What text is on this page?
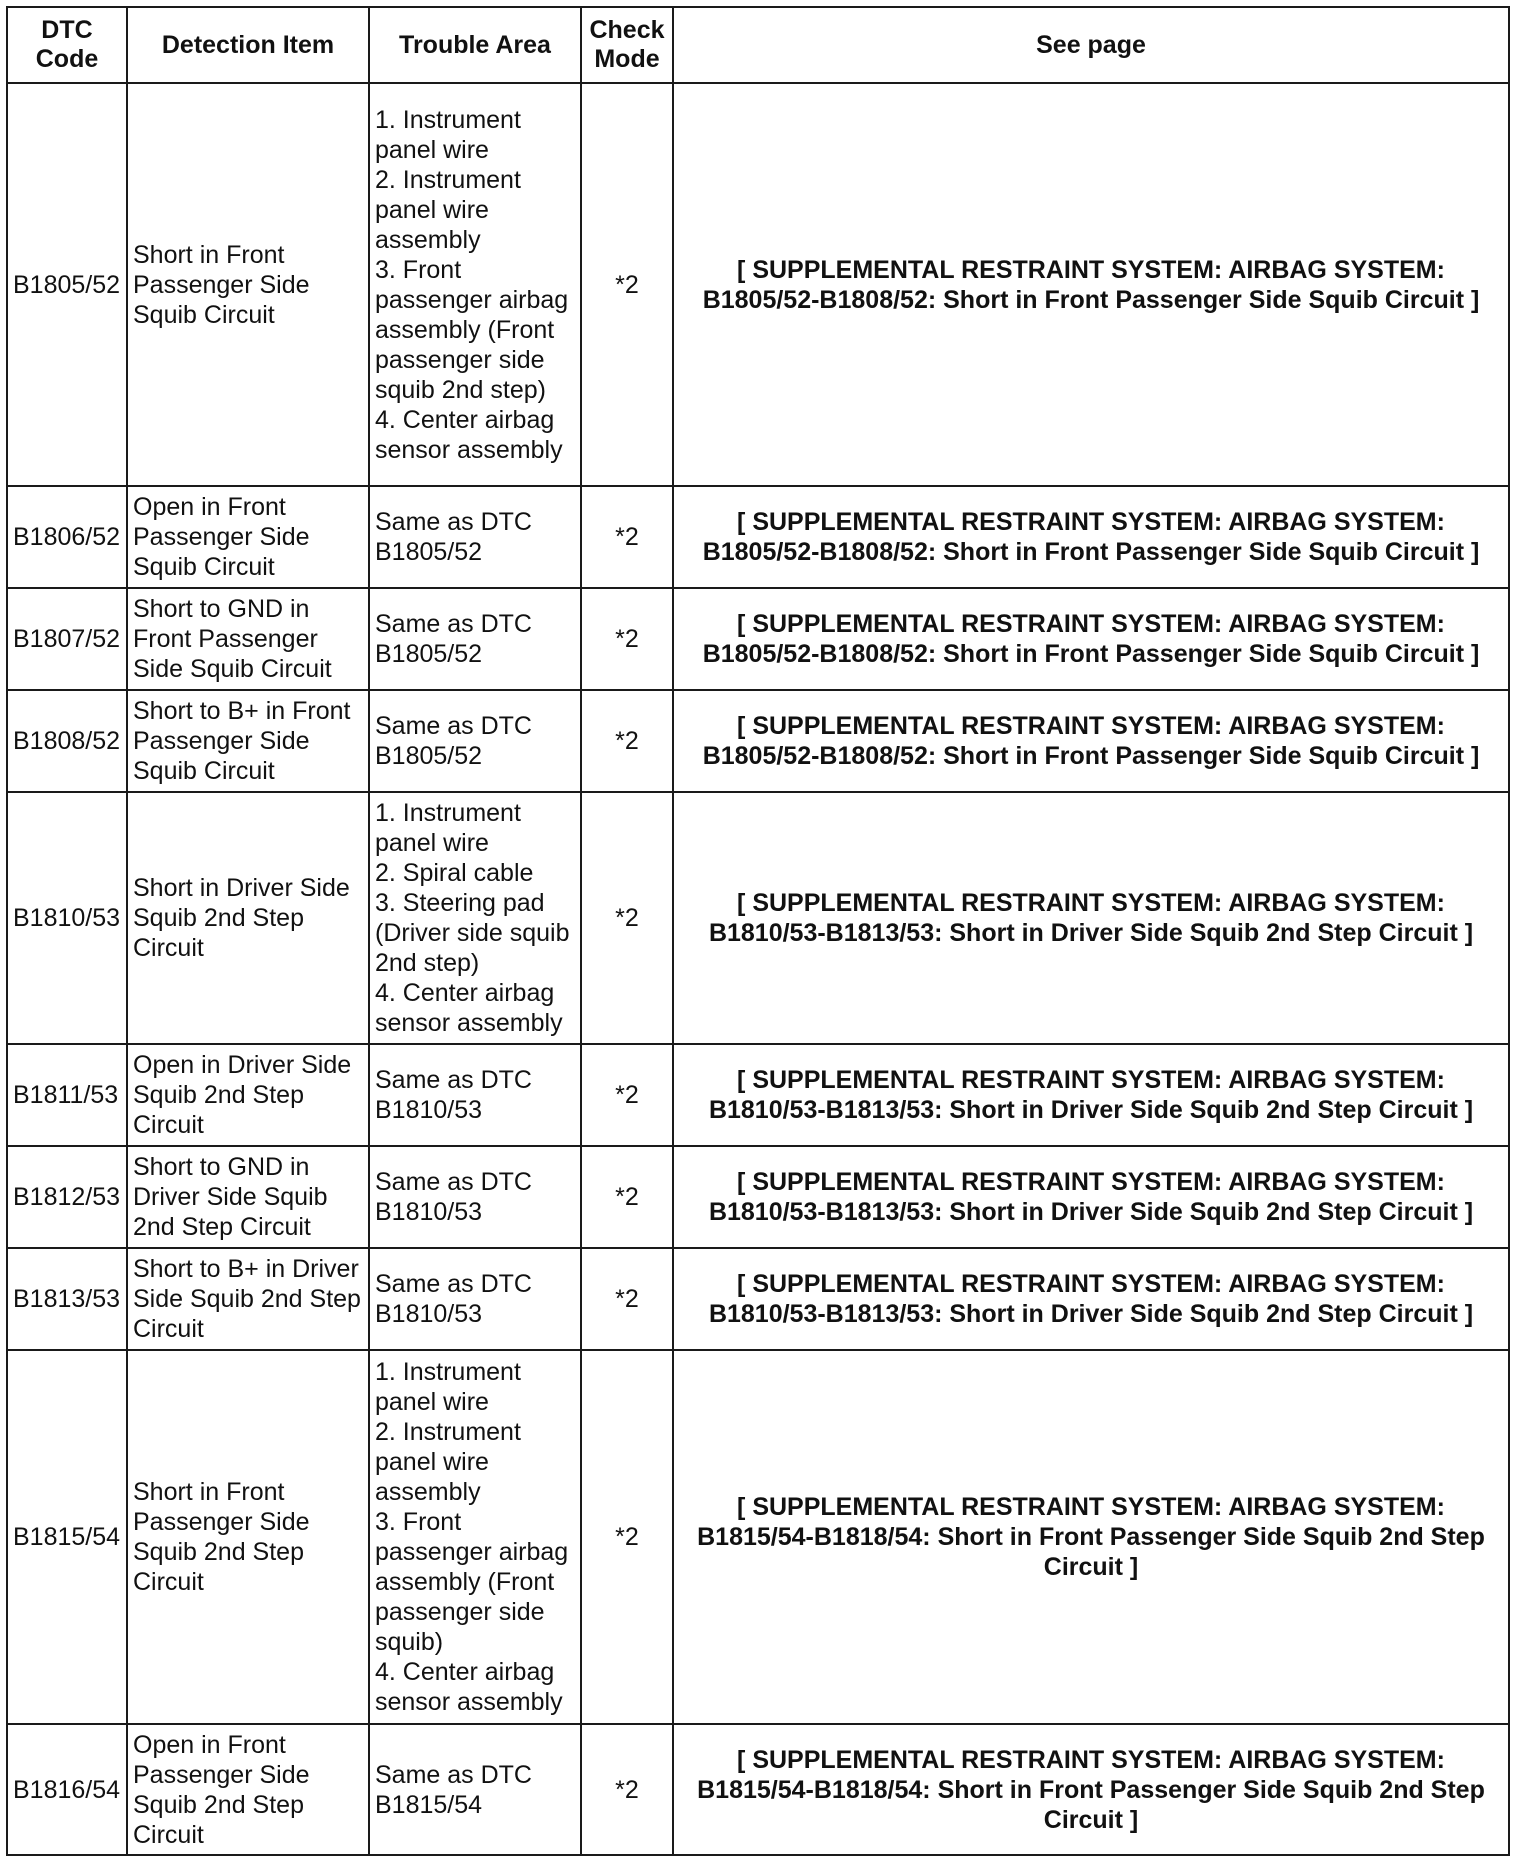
DTC Code	Detection Item	Trouble Area	Check Mode	See page
B1805/52	Short in Front Passenger Side Squib Circuit	1. Instrument panel wire
2. Instrument panel wire assembly
3. Front passenger airbag assembly (Front passenger side squib 2nd step)
4. Center airbag sensor assembly	*2	[ SUPPLEMENTAL RESTRAINT SYSTEM: AIRBAG SYSTEM: B1805/52-B1808/52: Short in Front Passenger Side Squib Circuit ]
B1806/52	Open in Front Passenger Side Squib Circuit	Same as DTC B1805/52	*2	[ SUPPLEMENTAL RESTRAINT SYSTEM: AIRBAG SYSTEM: B1805/52-B1808/52: Short in Front Passenger Side Squib Circuit ]
B1807/52	Short to GND in Front Passenger Side Squib Circuit	Same as DTC B1805/52	*2	[ SUPPLEMENTAL RESTRAINT SYSTEM: AIRBAG SYSTEM: B1805/52-B1808/52: Short in Front Passenger Side Squib Circuit ]
B1808/52	Short to B+ in Front Passenger Side Squib Circuit	Same as DTC B1805/52	*2	[ SUPPLEMENTAL RESTRAINT SYSTEM: AIRBAG SYSTEM: B1805/52-B1808/52: Short in Front Passenger Side Squib Circuit ]
B1810/53	Short in Driver Side Squib 2nd Step Circuit	1. Instrument panel wire
2. Spiral cable
3. Steering pad (Driver side squib 2nd step)
4. Center airbag sensor assembly	*2	[ SUPPLEMENTAL RESTRAINT SYSTEM: AIRBAG SYSTEM: B1810/53-B1813/53: Short in Driver Side Squib 2nd Step Circuit ]
B1811/53	Open in Driver Side Squib 2nd Step Circuit	Same as DTC B1810/53	*2	[ SUPPLEMENTAL RESTRAINT SYSTEM: AIRBAG SYSTEM: B1810/53-B1813/53: Short in Driver Side Squib 2nd Step Circuit ]
B1812/53	Short to GND in Driver Side Squib 2nd Step Circuit	Same as DTC B1810/53	*2	[ SUPPLEMENTAL RESTRAINT SYSTEM: AIRBAG SYSTEM: B1810/53-B1813/53: Short in Driver Side Squib 2nd Step Circuit ]
B1813/53	Short to B+ in Driver Side Squib 2nd Step Circuit	Same as DTC B1810/53	*2	[ SUPPLEMENTAL RESTRAINT SYSTEM: AIRBAG SYSTEM: B1810/53-B1813/53: Short in Driver Side Squib 2nd Step Circuit ]
B1815/54	Short in Front Passenger Side Squib 2nd Step Circuit	1. Instrument panel wire
2. Instrument panel wire assembly
3. Front passenger airbag assembly (Front passenger side squib)
4. Center airbag sensor assembly	*2	[ SUPPLEMENTAL RESTRAINT SYSTEM: AIRBAG SYSTEM: B1815/54-B1818/54: Short in Front Passenger Side Squib 2nd Step Circuit ]
B1816/54	Open in Front Passenger Side Squib 2nd Step Circuit	Same as DTC B1815/54	*2	[ SUPPLEMENTAL RESTRAINT SYSTEM: AIRBAG SYSTEM: B1815/54-B1818/54: Short in Front Passenger Side Squib 2nd Step Circuit ]
